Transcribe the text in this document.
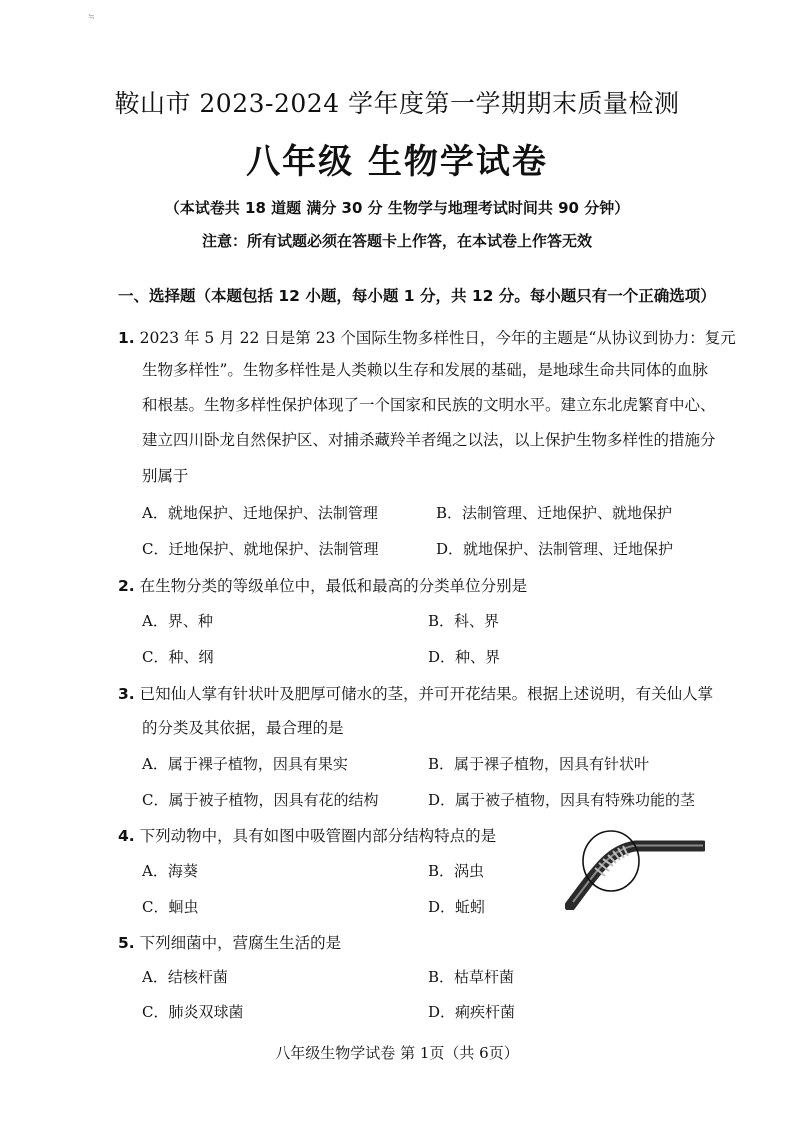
≒
鞍山市 2023-2024 学年度第一学期期末质量检测
八年级 生物学试卷
（本试卷共 18 道题 满分 30 分 生物学与地理考试时间共 90 分钟）
注意：所有试题必须在答题卡上作答，在本试卷上作答无效
一、选择题（本题包括 12 小题，每小题 1 分，共 12 分。每小题只有一个正确选项）
1. 2023 年 5 月 22 日是第 23 个国际生物多样性日，今年的主题是“从协议到协力：复元
生物多样性”。生物多样性是人类赖以生存和发展的基础，是地球生命共同体的血脉
和根基。生物多样性保护体现了一个国家和民族的文明水平。建立东北虎繁育中心、
建立四川卧龙自然保护区、对捕杀藏羚羊者绳之以法，以上保护生物多样性的措施分
别属于
A．就地保护、迁地保护、法制管理	B．法制管理、迁地保护、就地保护
C．迁地保护、就地保护、法制管理	D．就地保护、法制管理、迁地保护
2. 在生物分类的等级单位中，最低和最高的分类单位分别是
A．界、种	B．科、界
C．种、纲	D．种、界
3. 已知仙人掌有针状叶及肥厚可储水的茎，并可开花结果。根据上述说明，有关仙人掌
的分类及其依据，最合理的是
A．属于裸子植物，因具有果实	B．属于裸子植物，因具有针状叶
C．属于被子植物，因具有花的结构	D．属于被子植物，因具有特殊功能的茎
4. 下列动物中，具有如图中吸管圈内部分结构特点的是
A．海葵	B．涡虫
C．蛔虫	D．蚯蚓
5. 下列细菌中，营腐生生活的是
A．结核杆菌	B．枯草杆菌
C．肺炎双球菌	D．痢疾杆菌
八年级生物学试卷 第 1页（共 6页）
